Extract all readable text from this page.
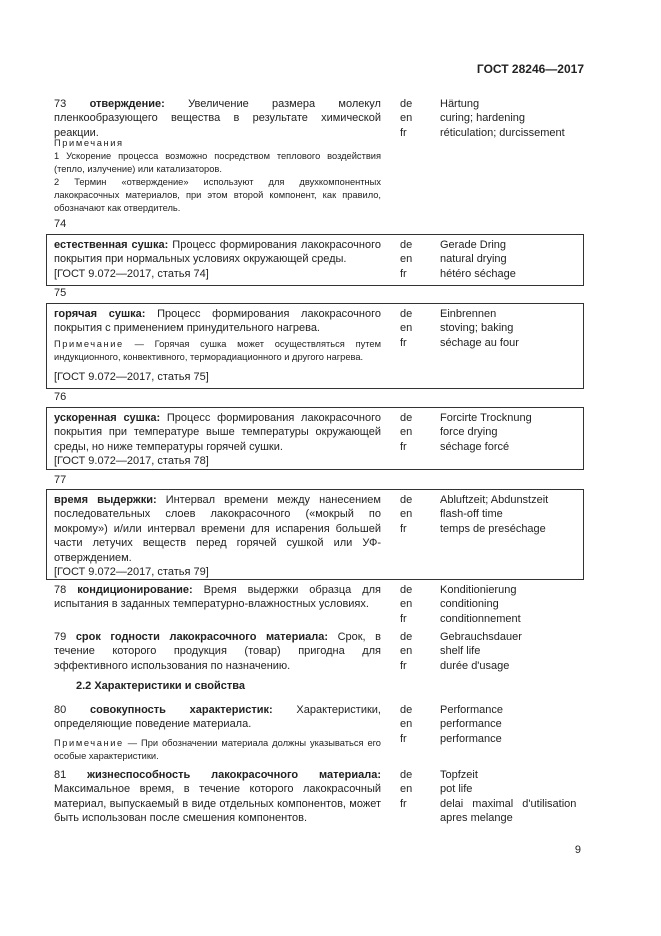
ГОСТ 28246—2017
73 отверждение: Увеличение размера молекул пленкообразующего вещества в результате химической реакции.
Примечания
1 Ускорение процесса возможно посредством теплового воздействия (тепло, излучение) или катализаторов.
2 Термин «отверждение» используют для двухкомпонентных лакокрасочных материалов, при этом второй компонент, как правило, обозначают как отвердитель.
de
en
fr
Härtung
curing; hardening
réticulation; durcissement
74
естественная сушка: Процесс формирования лакокрасочного покрытия при нормальных условиях окружающей среды.
[ГОСТ 9.072—2017, статья 74]
de
en
fr
Gerade Dring
natural drying
hétéro séchage
75
горячая сушка: Процесс формирования лакокрасочного покрытия с применением принудительного нагрева.
Примечание — Горячая сушка может осуществляться путем индукционного, конвективного, терморадиационного и другого нагрева.
[ГОСТ 9.072—2017, статья 75]
de
en
fr
Einbrennen
stoving; baking
séchage au four
76
ускоренная сушка: Процесс формирования лакокрасочного покрытия при температуре выше температуры окружающей среды, но ниже температуры горячей сушки.
[ГОСТ 9.072—2017, статья 78]
de
en
fr
Forcirte Trocknung
force drying
séchage forcé
77
время выдержки: Интервал времени между нанесением последовательных слоев лакокрасочного («мокрый по мокрому») и/или интервал времени для испарения большей части летучих веществ перед горячей сушкой или УФ-отверждением.
[ГОСТ 9.072—2017, статья 79]
de
en
fr
Abluftzeit; Abdunstzeit
flash-off time
temps de preséchage
78 кондиционирование: Время выдержки образца для испытания в заданных температурно-влажностных условиях.
de
en
fr
Konditionierung
conditioning
conditionnement
79 срок годности лакокрасочного материала: Срок, в течение которого продукция (товар) пригодна для эффективного использования по назначению.
de
en
fr
Gebrauchsdauer
shelf life
durée d'usage
2.2 Характеристики и свойства
80 совокупность характеристик: Характеристики, определяющие поведение материала.
Примечание — При обозначении материала должны указываться его особые характеристики.
de
en
fr
Performance
performance
performance
81 жизнеспособность лакокрасочного материала: Максимальное время, в течение которого лакокрасочный материал, выпускаемый в виде отдельных компонентов, может быть использован после смешения компонентов.
de
en
fr
Topfzeit
pot life
delai maximal d'utilisation
apres melange
9
